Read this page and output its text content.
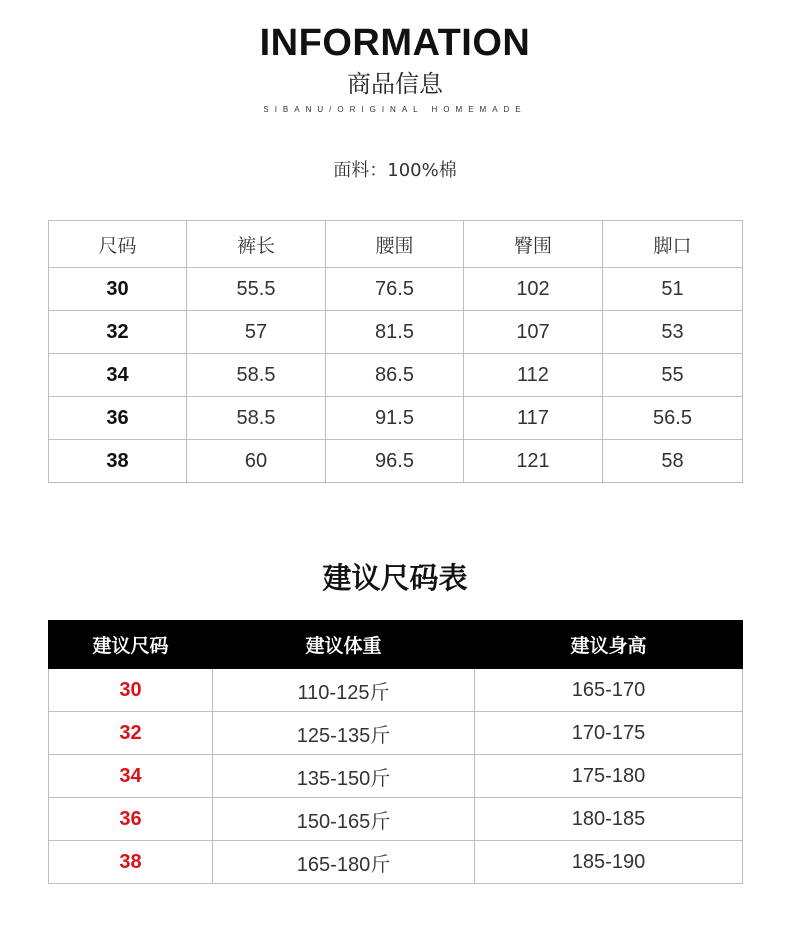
INFORMATION
商品信息
SIBANU/ORIGINAL HOMEMADE
面料：100%棉
尺码	裤长	腰围	臀围	脚口
30	55.5	76.5	102	51
32	57	81.5	107	53
34	58.5	86.5	112	55
36	58.5	91.5	117	56.5
38	60	96.5	121	58
建议尺码表
建议尺码	建议体重	建议身高
30	110-125斤	165-170
32	125-135斤	170-175
34	135-150斤	175-180
36	150-165斤	180-185
38	165-180斤	185-190
